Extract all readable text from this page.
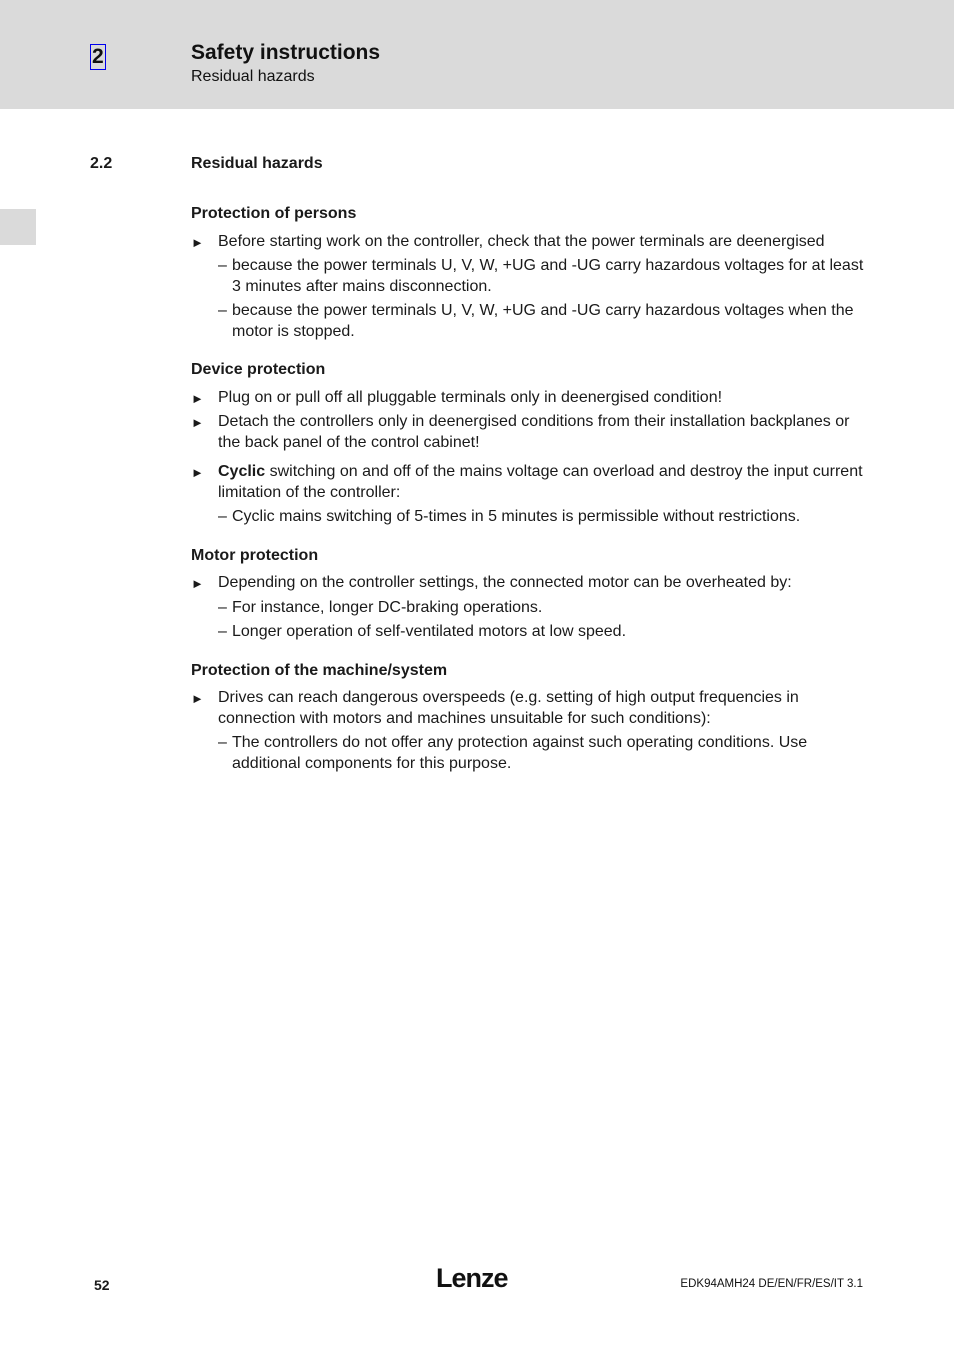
2	Safety instructions
Residual hazards
2.2	Residual hazards
Protection of persons
► Before starting work on the controller, check that the power terminals are deenergised
– because the power terminals U, V, W, +UG and -UG carry hazardous voltages for at least 3 minutes after mains disconnection.
– because the power terminals U, V, W, +UG and -UG carry hazardous voltages when the motor is stopped.
Device protection
► Plug on or pull off all pluggable terminals only in deenergised condition!
► Detach the controllers only in deenergised conditions from their installation backplanes or the back panel of the control cabinet!
► Cyclic switching on and off of the mains voltage can overload and destroy the input current limitation of the controller:
– Cyclic mains switching of 5-times in 5 minutes is permissible without restrictions.
Motor protection
► Depending on the controller settings, the connected motor can be overheated by:
– For instance, longer DC-braking operations.
– Longer operation of self-ventilated motors at low speed.
Protection of the machine/system
► Drives can reach dangerous overspeeds (e.g. setting of high output frequencies in connection with motors and machines unsuitable for such conditions):
– The controllers do not offer any protection against such operating conditions. Use additional components for this purpose.
52	Lenze	EDK94AMH24 DE/EN/FR/ES/IT 3.1
